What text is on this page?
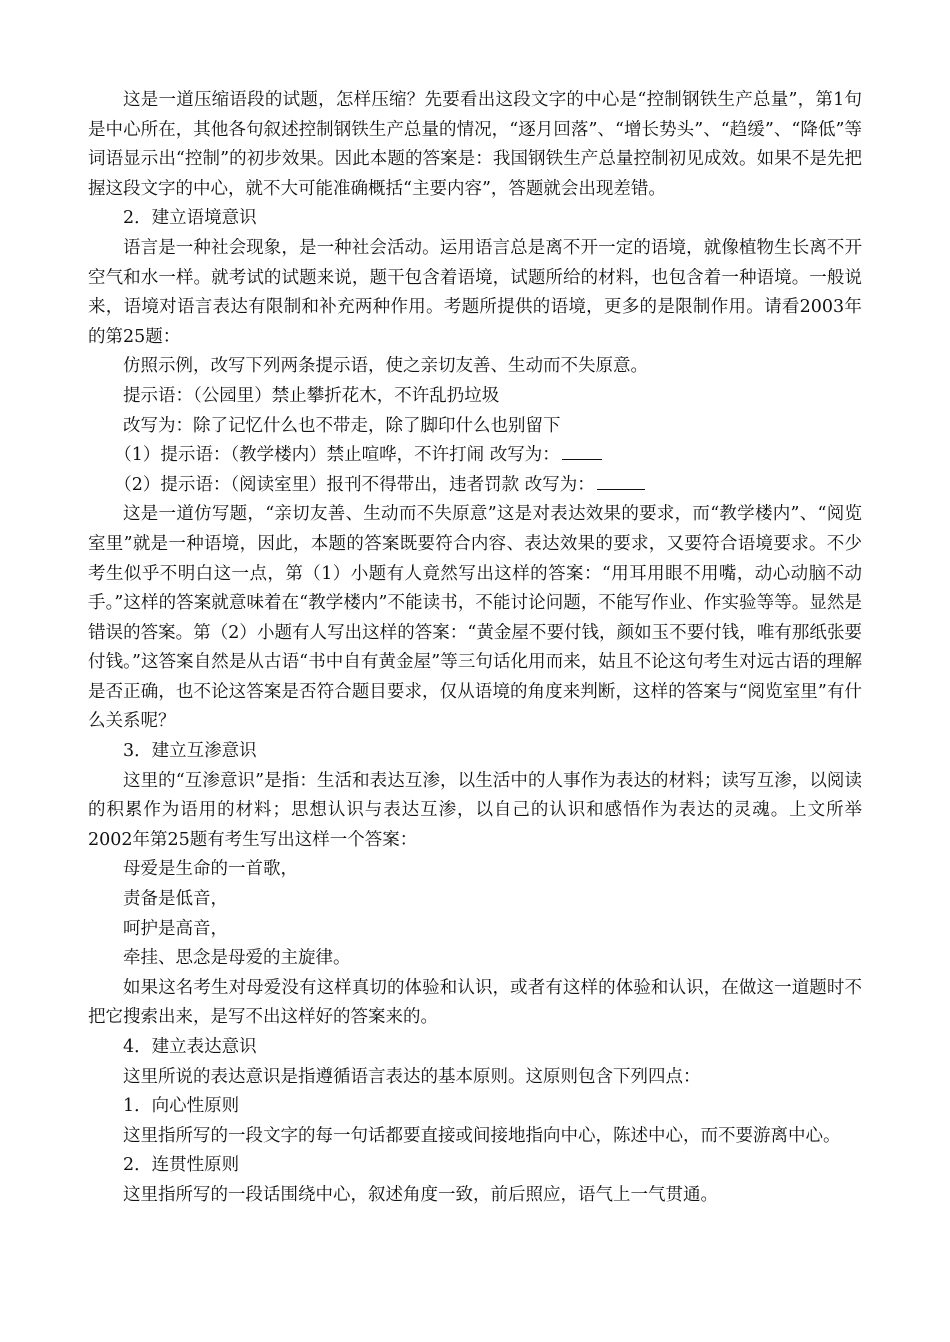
这是一道压缩语段的试题，怎样压缩？先要看出这段文字的中心是“控制钢铁生产总量”，第1句是中心所在，其他各句叙述控制钢铁生产总量的情况，“逐月回落”、“增长势头”、“趋缓”、“降低”等词语显示出“控制”的初步效果。因此本题的答案是：我国钢铁生产总量控制初见成效。如果不是先把握这段文字的中心，就不大可能准确概括“主要内容”，答题就会出现差错。

2．建立语境意识

语言是一种社会现象，是一种社会活动。运用语言总是离不开一定的语境，就像植物生长离不开空气和水一样。就考试的试题来说，题干包含着语境，试题所给的材料，也包含着一种语境。一般说来，语境对语言表达有限制和补充两种作用。考题所提供的语境，更多的是限制作用。请看2003年的第25题：

仿照示例，改写下列两条提示语，使之亲切友善、生动而不失原意。

提示语：（公园里）禁止攀折花木，不许乱扔垃圾

改写为：除了记忆什么也不带走，除了脚印什么也别留下

（1）提示语：（教学楼内）禁止喧哗，不许打闹 改写为：

（2）提示语：（阅读室里）报刊不得带出，违者罚款 改写为：

这是一道仿写题，“亲切友善、生动而不失原意”这是对表达效果的要求，而“教学楼内”、“阅览室里”就是一种语境，因此，本题的答案既要符合内容、表达效果的要求，又要符合语境要求。不少考生似乎不明白这一点，第（1）小题有人竟然写出这样的答案：“用耳用眼不用嘴，动心动脑不动手。”这样的答案就意味着在“教学楼内”不能读书，不能讨论问题，不能写作业、作实验等等。显然是错误的答案。第（2）小题有人写出这样的答案：“黄金屋不要付钱，颜如玉不要付钱，唯有那纸张要付钱。”这答案自然是从古语“书中自有黄金屋”等三句话化用而来，姑且不论这句考生对远古语的理解是否正确，也不论这答案是否符合题目要求，仅从语境的角度来判断，这样的答案与“阅览室里”有什么关系呢？

3．建立互渗意识

这里的“互渗意识”是指：生活和表达互渗，以生活中的人事作为表达的材料；读写互渗，以阅读的积累作为语用的材料；思想认识与表达互渗，以自己的认识和感悟作为表达的灵魂。上文所举2002年第25题有考生写出这样一个答案：

母爱是生命的一首歌，

责备是低音，

呵护是高音，

牵挂、思念是母爱的主旋律。

如果这名考生对母爱没有这样真切的体验和认识，或者有这样的体验和认识，在做这一道题时不把它搜索出来，是写不出这样好的答案来的。

4．建立表达意识

这里所说的表达意识是指遵循语言表达的基本原则。这原则包含下列四点：

1．向心性原则

这里指所写的一段文字的每一句话都要直接或间接地指向中心，陈述中心，而不要游离中心。

2．连贯性原则

这里指所写的一段话围绕中心，叙述角度一致，前后照应，语气上一气贯通。
